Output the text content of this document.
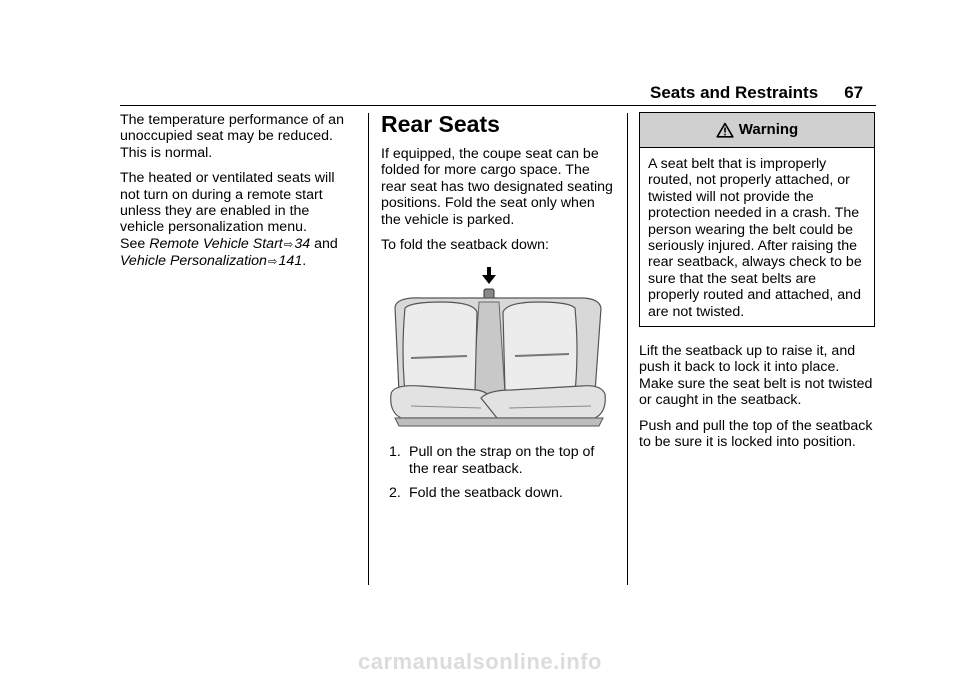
Seats and Restraints 67

The temperature performance of an unoccupied seat may be reduced. This is normal.

The heated or ventilated seats will not turn on during a remote start unless they are enabled in the vehicle personalization menu.
See Remote Vehicle Start ⇨ 34 and Vehicle Personalization ⇨ 141.

Rear Seats

If equipped, the coupe seat can be folded for more cargo space. The rear seat has two designated seating positions. Fold the seat only when the vehicle is parked.

To fold the seatback down:

1. Pull on the strap on the top of the rear seatback.
2. Fold the seatback down.
Warning
A seat belt that is improperly routed, not properly attached, or twisted will not provide the protection needed in a crash. The person wearing the belt could be seriously injured. After raising the rear seatback, always check to be sure that the seat belts are properly routed and attached, and are not twisted.

Lift the seatback up to raise it, and push it back to lock it into place. Make sure the seat belt is not twisted or caught in the seatback.

Push and pull the top of the seatback to be sure it is locked into position.

carmanualsonline.info
